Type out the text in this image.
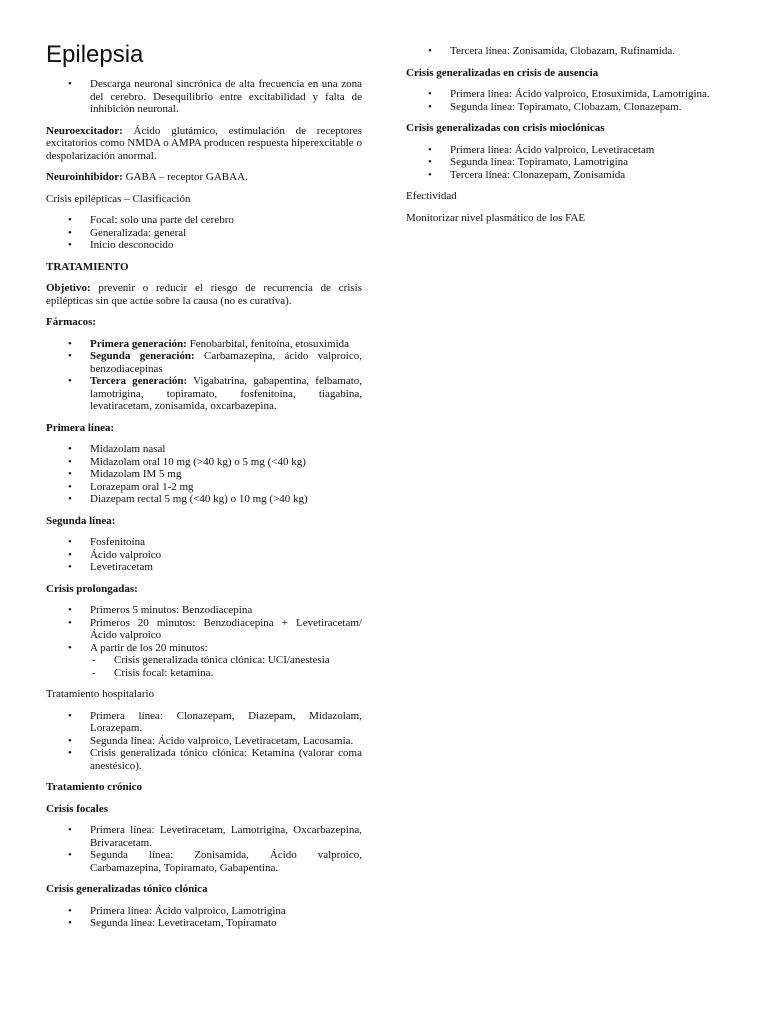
Epilepsia
• Descarga neuronal sincrónica de alta frecuencia en una zona del cerebro. Desequilibrio entre excitabilidad y falta de inhibición neuronal.

Neuroexcitador: Ácido glutámico, estimulación de receptores excitatorios como NMDA o AMPA producen respuesta hiperexcitable o despolarización anormal.

Neuroinhibidor: GABA – receptor GABAA.

Crisis epilépticas – Clasificación

• Focal: solo una parte del cerebro
• Generalizada: general
• Inicio desconocido

TRATAMIENTO

Objetivo: prevenir o reducir el riesgo de recurrencia de crisis epilépticas sin que actúe sobre la causa (no es curativa).

Fármacos:

• Primera generación: Fenobarbital, fenitoína, etosuximida
• Segunda generación: Carbamazepina, ácido valproico, benzodiacepinas
• Tercera generación: Vigabatrina, gabapentina, felbamato, lamotrigina, topiramato, fosfenitoína, tiagabina, levatiracetam, zonisamida, oxcarbazepina.

Primera línea:

• Midazolam nasal
• Midazolam oral 10 mg (>40 kg) o 5 mg (<40 kg)
• Midazolam IM 5 mg
• Lorazepam oral 1-2 mg
• Diazepam rectal 5 mg (<40 kg) o 10 mg (>40 kg)

Segunda línea:

• Fosfenitoína
• Ácido valproico
• Levetiracetam

Crisis prolongadas:

• Primeros 5 minutos: Benzodiacepina
• Primeros 20 minutos: Benzodiacepina + Levetiracetam/Ácido valproico
• A partir de los 20 minutos:
- Crisis generalizada tónica clónica: UCI/anestesia
- Crisis focal: ketamina.

Tratamiento hospitalario

• Primera línea: Clonazepam, Diazepam, Midazolam, Lorazepam.
• Segunda línea: Ácido valproico, Levetiracetam, Lacosamia.
• Crisis generalizada tónico clónica: Ketamina (valorar coma anestésico).

Tratamiento crónico

Crisis focales

• Primera línea: Levetiracetam, Lamotrigina, Oxcarbazepina, Brivaracetam.
• Segunda línea: Zonisamida, Ácido valproico, Carbamazepina, Topiramato, Gabapentina.

Crisis generalizadas tónico clónica

• Primera línea: Ácido valproico, Lamotrigina
• Segunda línea: Levetiracetam, Topiramato
• Tercera línea: Zonisamida, Clobazam, Rufinamida.

Crisis generalizadas en crisis de ausencia

• Primera línea: Ácido valproico, Etosuximida, Lamotrigina.
• Segunda línea: Topiramato, Clobazam, Clonazepam.

Crisis generalizadas con crisis mioclónicas

• Primera línea: Ácido valproico, Levetiracetam
• Segunda línea: Topiramato, Lamotrigina
• Tercera línea: Clonazepam, Zonisamida

Efectividad

Monitorizar nivel plasmático de los FAE
